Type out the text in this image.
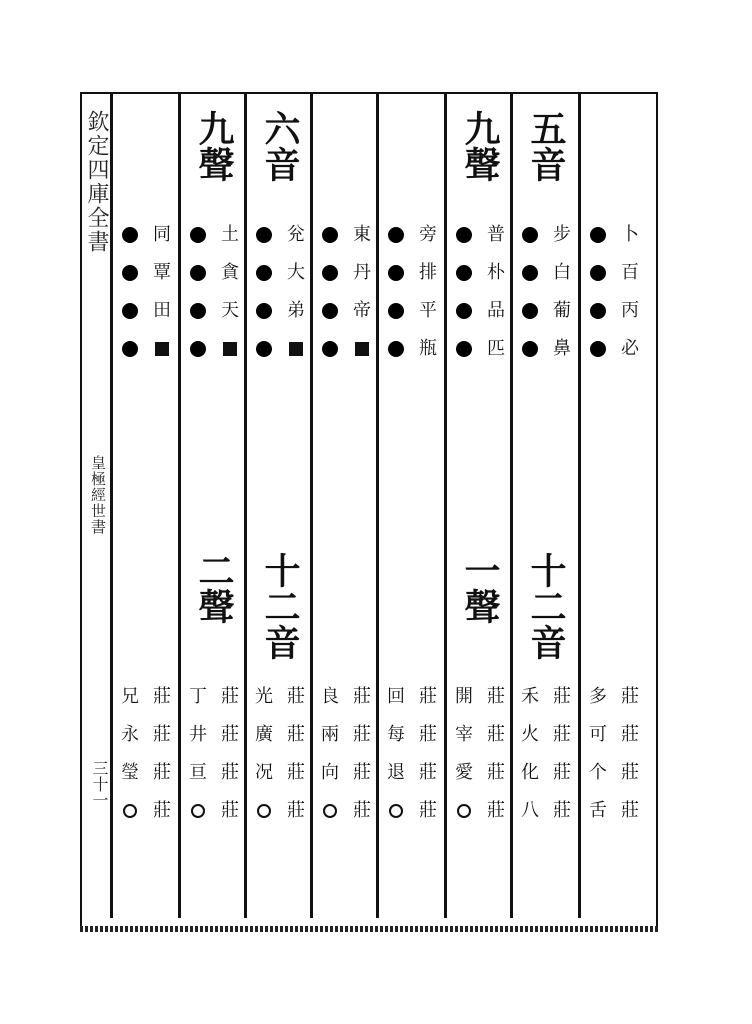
欽定四庫全書
皇極經世書
三十一
卜
百
丙
必
莊
莊
莊
莊
多
可
个
舌
五音
步
白
葡
鼻
十二音
莊
莊
莊
莊
禾
火
化
八
九聲
普
朴
品
匹
一聲
莊
莊
莊
莊
開
宰
愛
旁
排
平
瓶
莊
莊
莊
莊
回
每
退
東
丹
帝
莊
莊
莊
莊
良
兩
向
六音
兊
大
弟
十二音
莊
莊
莊
莊
光
廣
况
九聲
土
貪
天
二聲
莊
莊
莊
莊
丁
井
亘
同
覃
田
莊
莊
莊
莊
兄
永
瑩
